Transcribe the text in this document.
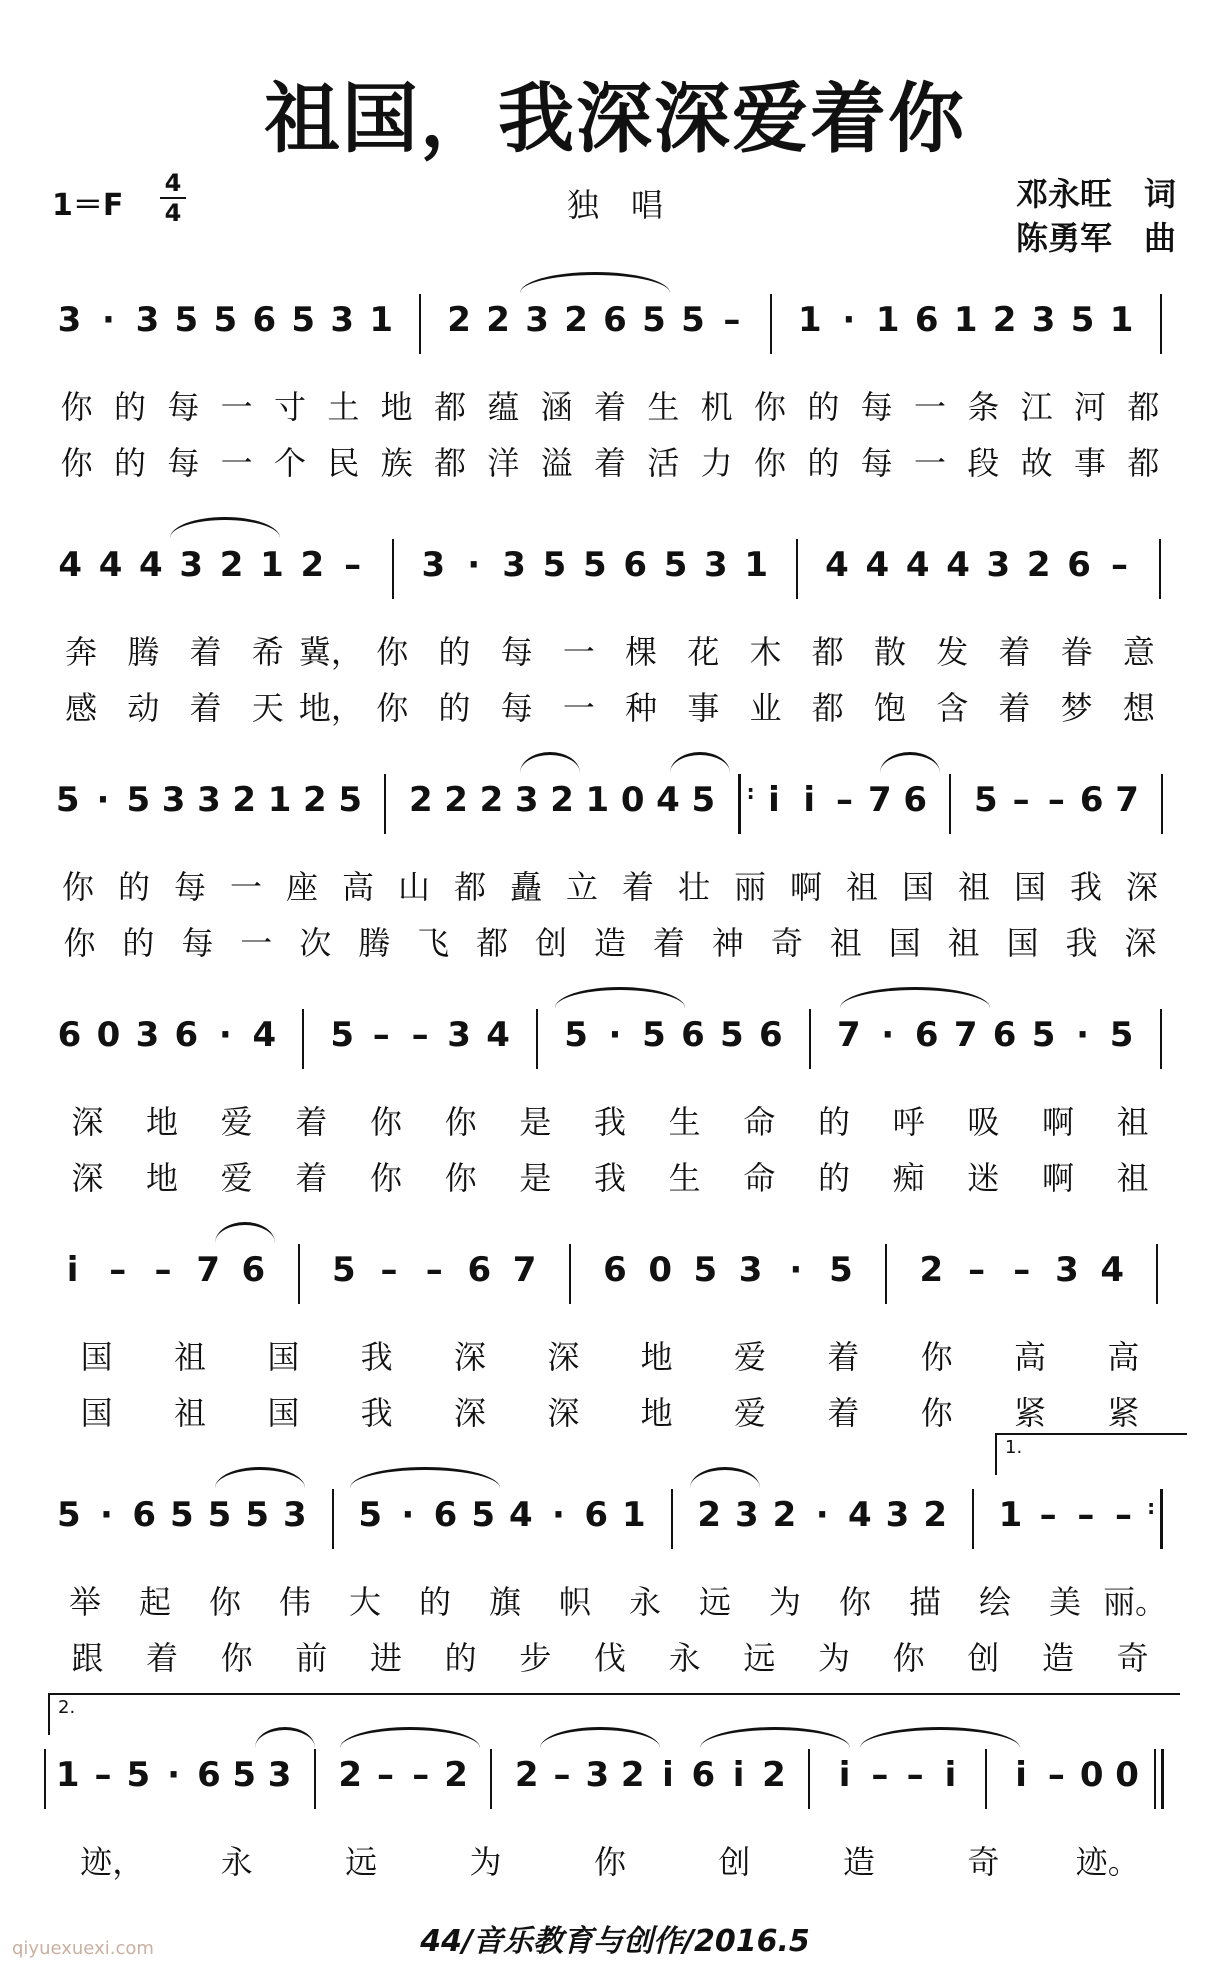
祖国，我深深爱着你
1＝F
4
4	独　唱	邓永旺　词
陈勇军　曲
3 · 3 5 5 6 5 3 1 2 2 3 2 6 5 5 – 1 · 1 6 1 2 3 5 1
你 的 每 一 寸 土 地 都 蕴 涵 着 生 机 你 的 每 一 条 江 河 都
你 的 每 一 个 民 族 都 洋 溢 着 活 力 你 的 每 一 段 故 事 都
4 4 4 3 2 1 2 – 3 · 3 5 5 6 5 3 1 4 4 4 4 3 2 6 –
奔 腾 着 希 冀， 你 的 每 一 棵 花 木 都 散 发 着 眷 意
感 动 着 天 地， 你 的 每 一 种 事 业 都 饱 含 着 梦 想
5 · 5 3 3 2 1 2 5 2 2 2 3 2 1 0 4 5 : i i – 7 6 5 – – 6 7
你 的 每 一 座 高 山 都 矗 立 着 壮 丽 啊 祖 国 祖 国 我 深
你 的 每 一 次 腾 飞 都 创 造 着 神 奇 祖 国 祖 国 我 深
6 0 3 6 · 4 5 – – 3 4 5 · 5 6 5 6 7 · 6 7 6 5 · 5
深	地	爱	着	你	你	是	我	生	命	的	呼	吸	啊	祖
深	地	爱	着	你	你	是	我	生	命	的	痴	迷	啊	祖
i – – 7 6 5 – – 6 7 6 0 5 3 · 5 2 – – 3 4
国	祖	国	我	深	深	地	爱	着	你	高	高
国	祖	国	我	深	深	地	爱	着	你	紧	紧
1.
5 · 6 5 5 5 3 5 · 6 5 4 · 6 1 2 3 2 · 4 3 2 1 – – – :
举	起	你	伟	大	的	旗	帜	永	远	为	你	描	绘	美 丽。
跟	着	你	前	进	的	步	伐	永	远	为	你	创	造	奇
2.
1 – 5 · 6 5 3 2 – – 2 2 – 3 2 i 6 i 2 i – – i i – 0 0
迹，	永	远	为	你	创	造	奇	迹。
44/音乐教育与创作/2016.5
qiyuexuexi.com
